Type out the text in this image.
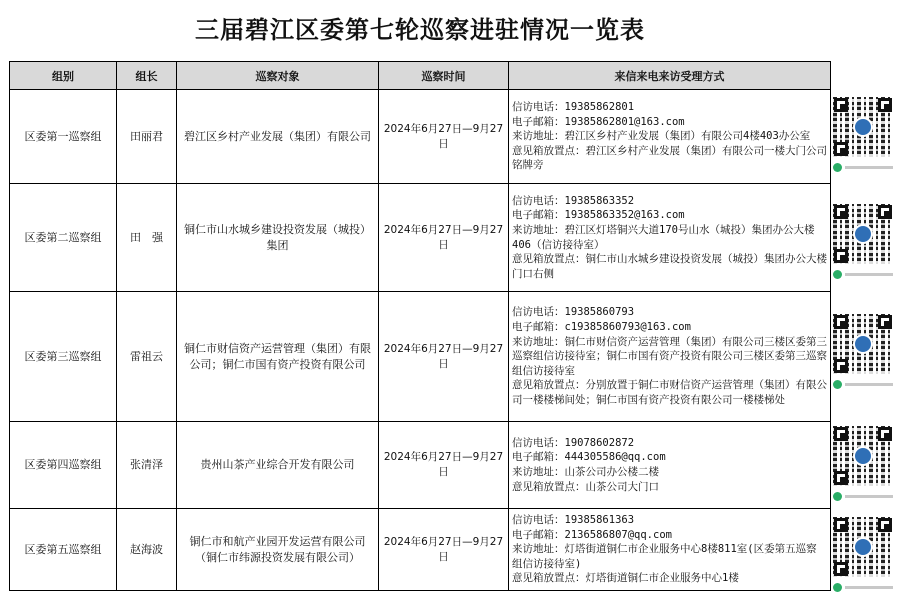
三届碧江区委第七轮巡察进驻情况一览表
组别	组长	巡察对象	巡察时间	来信来电来访受理方式
区委第一巡察组	田丽君	碧江区乡村产业发展（集团）有限公司	2024年6月27日—9月27日	信访电话：19385862801
电子邮箱：19385862801@163.com
来访地址：碧江区乡村产业发展（集团）有限公司4楼403办公室
意见箱放置点：碧江区乡村产业发展（集团）有限公司一楼大门公司铭牌旁

区委第二巡察组	田　强	铜仁市山水城乡建设投资发展（城投）集团	2024年6月27日—9月27日	信访电话：19385863352
电子邮箱：19385863352@163.com
来访地址：碧江区灯塔铜兴大道170号山水（城投）集团办公大楼406（信访接待室）
意见箱放置点：铜仁市山水城乡建设投资发展（城投）集团办公大楼门口右侧

区委第三巡察组	雷祖云	铜仁市财信资产运营管理（集团）有限公司；铜仁市国有资产投资有限公司	2024年6月27日—9月27日	信访电话：19385860793
电子邮箱：c19385860793@163.com
来访地址：铜仁市财信资产运营管理（集团）有限公司三楼区委第三巡察组信访接待室；铜仁市国有资产投资有限公司三楼区委第三巡察组信访接待室
意见箱放置点：分别放置于铜仁市财信资产运营管理（集团）有限公司一楼楼梯间处；铜仁市国有资产投资有限公司一楼楼梯处

区委第四巡察组	张清泽	贵州山茶产业综合开发有限公司	2024年6月27日—9月27日	信访电话：19078602872
电子邮箱：444305586@qq.com
来访地址：山茶公司办公楼二楼
意见箱放置点：山茶公司大门口

区委第五巡察组	赵海波	铜仁市和航产业园开发运营有限公司（铜仁市纬源投资发展有限公司）	2024年6月27日—9月27日	信访电话：19385861363
电子邮箱：2136586807@qq.com
来访地址：灯塔街道铜仁市企业服务中心8楼811室(区委第五巡察组信访接待室)
意见箱放置点：灯塔街道铜仁市企业服务中心1楼
